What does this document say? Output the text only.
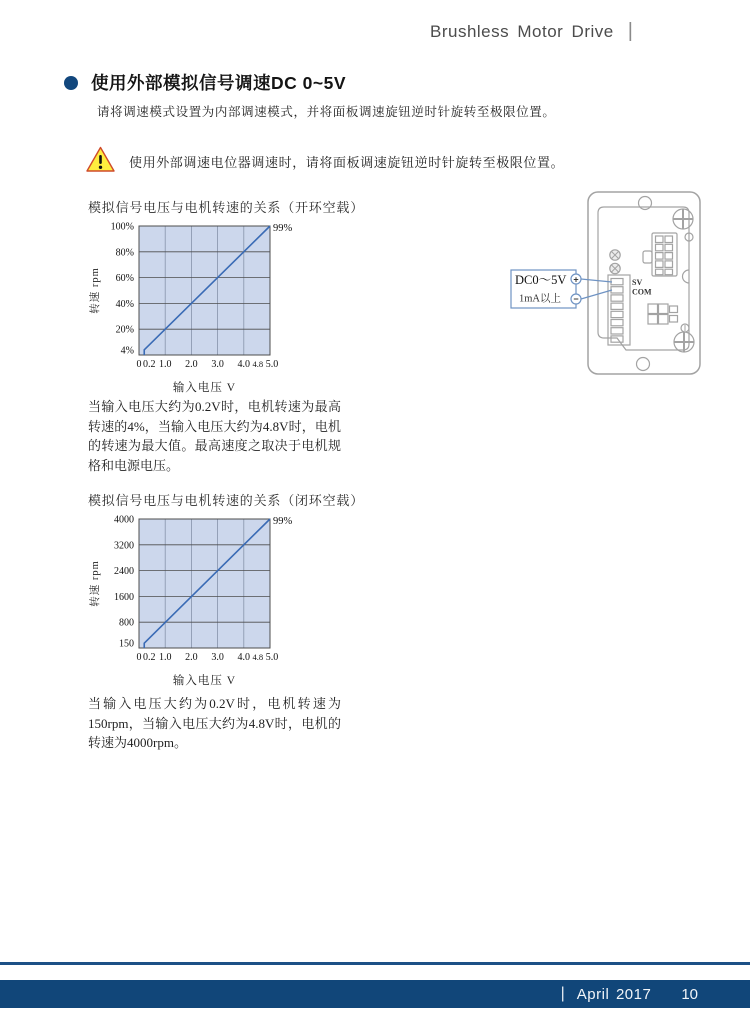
Brushless Motor Drive |
使用外部模拟信号调速DC 0~5V
请将调速模式设置为内部调速模式，并将面板调速旋钮逆时针旋转至极限位置。
使用外部调速电位器调速时，请将面板调速旋钮逆时针旋转至极限位置。
模拟信号电压与电机转速的关系（开环空载）
4%
20%
40%
60%
80%
100%
0 0.2 1.0 2.0 3.0 4.0 4.8 5.0
99%
转速 rpm
输入电压 V
SV
COM
+
−
DC0～5V
1mA以上
当输入电压大约为0.2V时，电机转速为最高转速的4%，当输入电压大约为4.8V时，电机的转速为最大值。最高速度之取决于电机规格和电源电压。
模拟信号电压与电机转速的关系（闭环空载）
150
800
1600
2400
3200
4000
0 0.2 1.0 2.0 3.0 4.0 4.8 5.0
99%
转速 rpm
输入电压 V
当输入电压大约为0.2V时，电机转速为150rpm，当输入电压大约为4.8V时，电机的转速为4000rpm。
| April 2017 10
